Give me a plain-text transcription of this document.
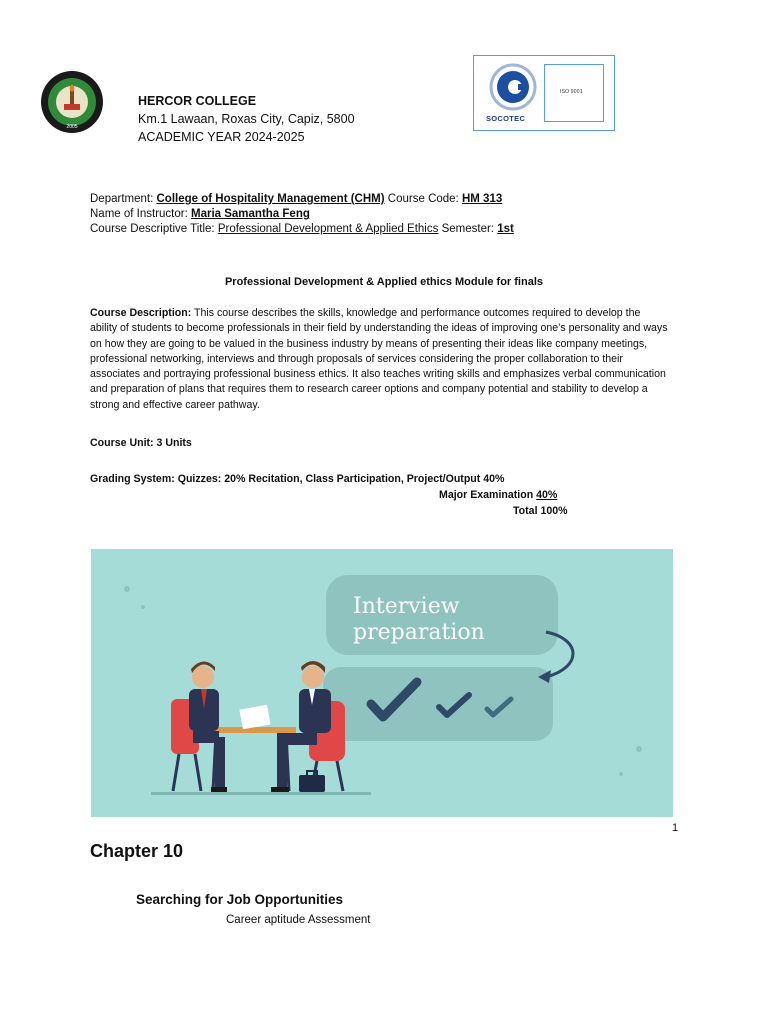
2005
HERCOR COLLEGE
Km.1 Lawaan, Roxas City, Capiz, 5800
ACADEMIC YEAR 2024-2025
ISO 9001
SOCOTEC
Department: College of Hospitality Management (CHM) Course Code: HM 313
Name of Instructor: Maria Samantha Feng
Course Descriptive Title: Professional Development & Applied Ethics Semester: 1st
Professional Development & Applied ethics Module for finals
Course Description: This course describes the skills, knowledge and performance outcomes required to develop the ability of students to become professionals in their field by understanding the ideas of improving one’s personality and ways on how they are going to be valued in the business industry by means of presenting their ideas like company meetings, professional networking, interviews and through proposals of services considering the proper collaboration to their associates and portraying professional business ethics. It also teaches writing skills and emphasizes verbal communication and preparation of plans that requires them to research career options and company potential and stability to develop a strong and effective career pathway.
Course Unit: 3 Units
Grading System: Quizzes: 20% Recitation, Class Participation, Project/Output 40%
Major Examination 40%
Total 100%
Interview
preparation
1
Chapter 10
Searching for Job Opportunities
Career aptitude Assessment
